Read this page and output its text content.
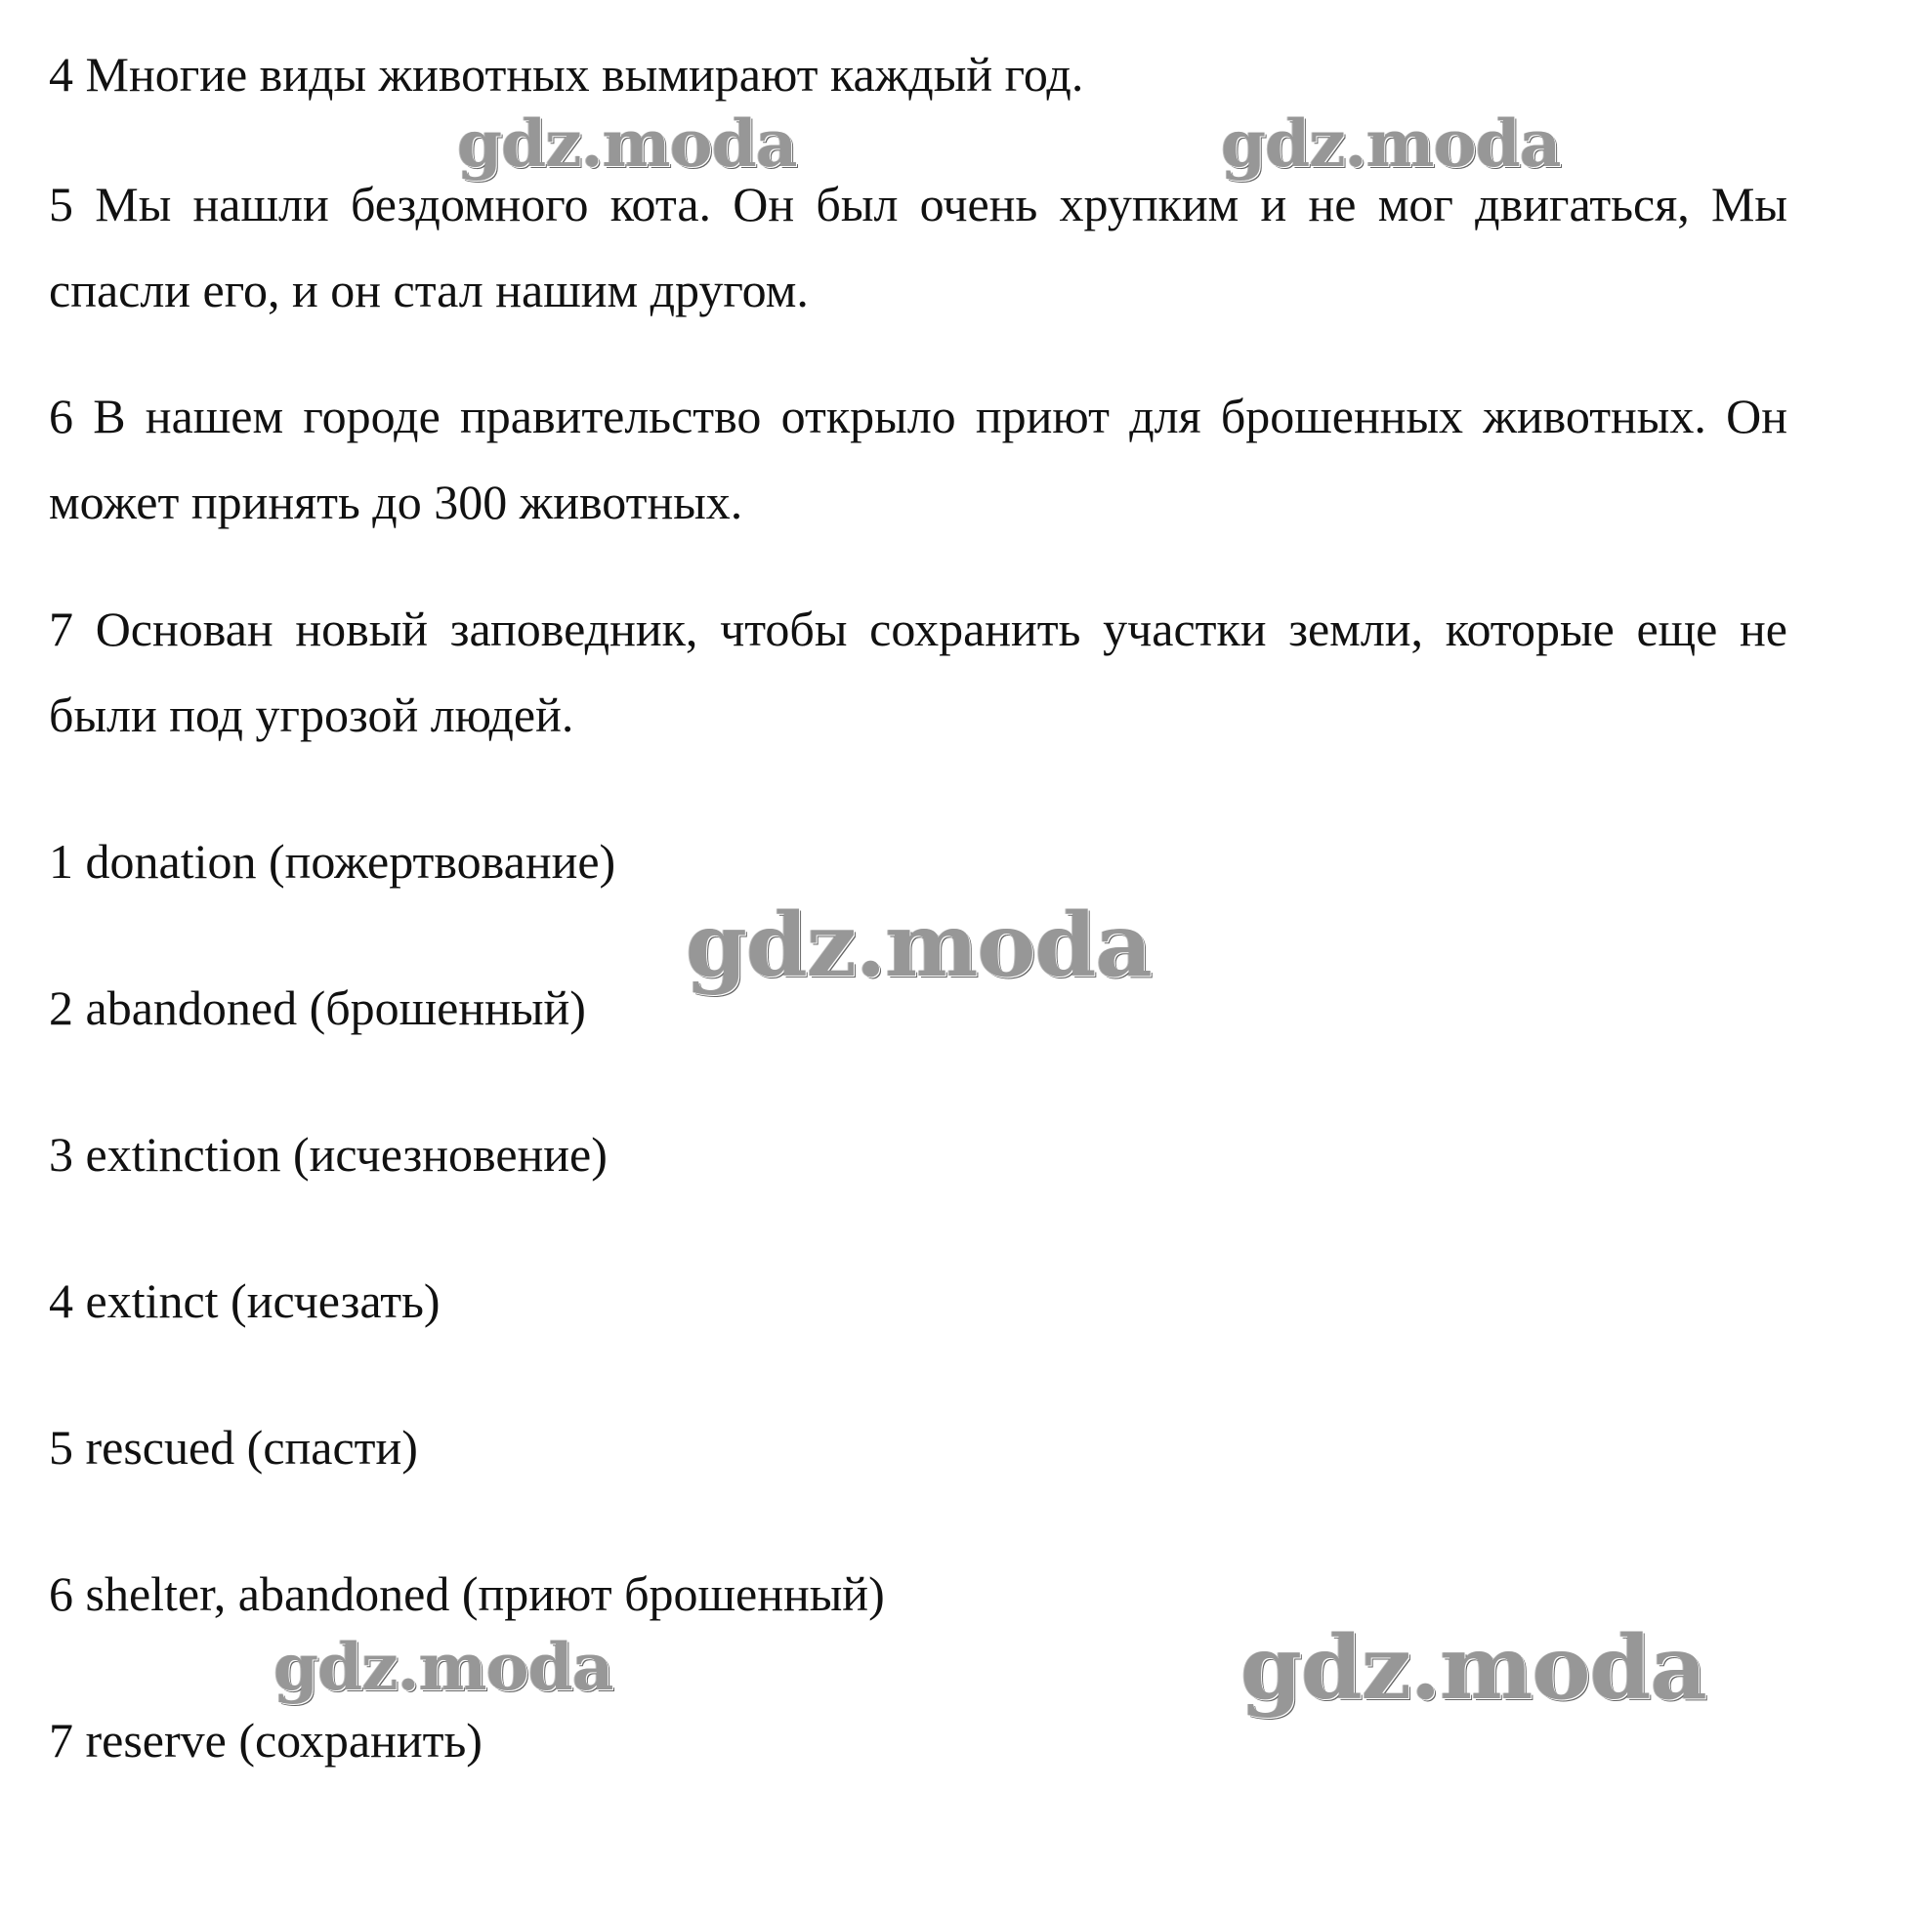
4 Многие виды животных вымирают каждый год.

5 Мы нашли бездомного кота. Он был очень хрупким и не мог двигаться, Мы спасли его, и он стал нашим другом.

6 В нашем городе правительство открыло приют для брошенных животных. Он может принять до 300 животных.

7 Основан новый заповедник, чтобы сохранить участки земли, которые еще не были под угрозой людей.

1 donation (пожертвование)

2 abandoned (брошенный)

3 extinction (исчезновение)

4 extinct (исчезать)

5 rescued (спасти)

6 shelter, abandoned (приют брошенный)

7 reserve (сохранить)

gdz.moda	gdz.moda
gdz.moda
gdz.moda	gdz.moda
